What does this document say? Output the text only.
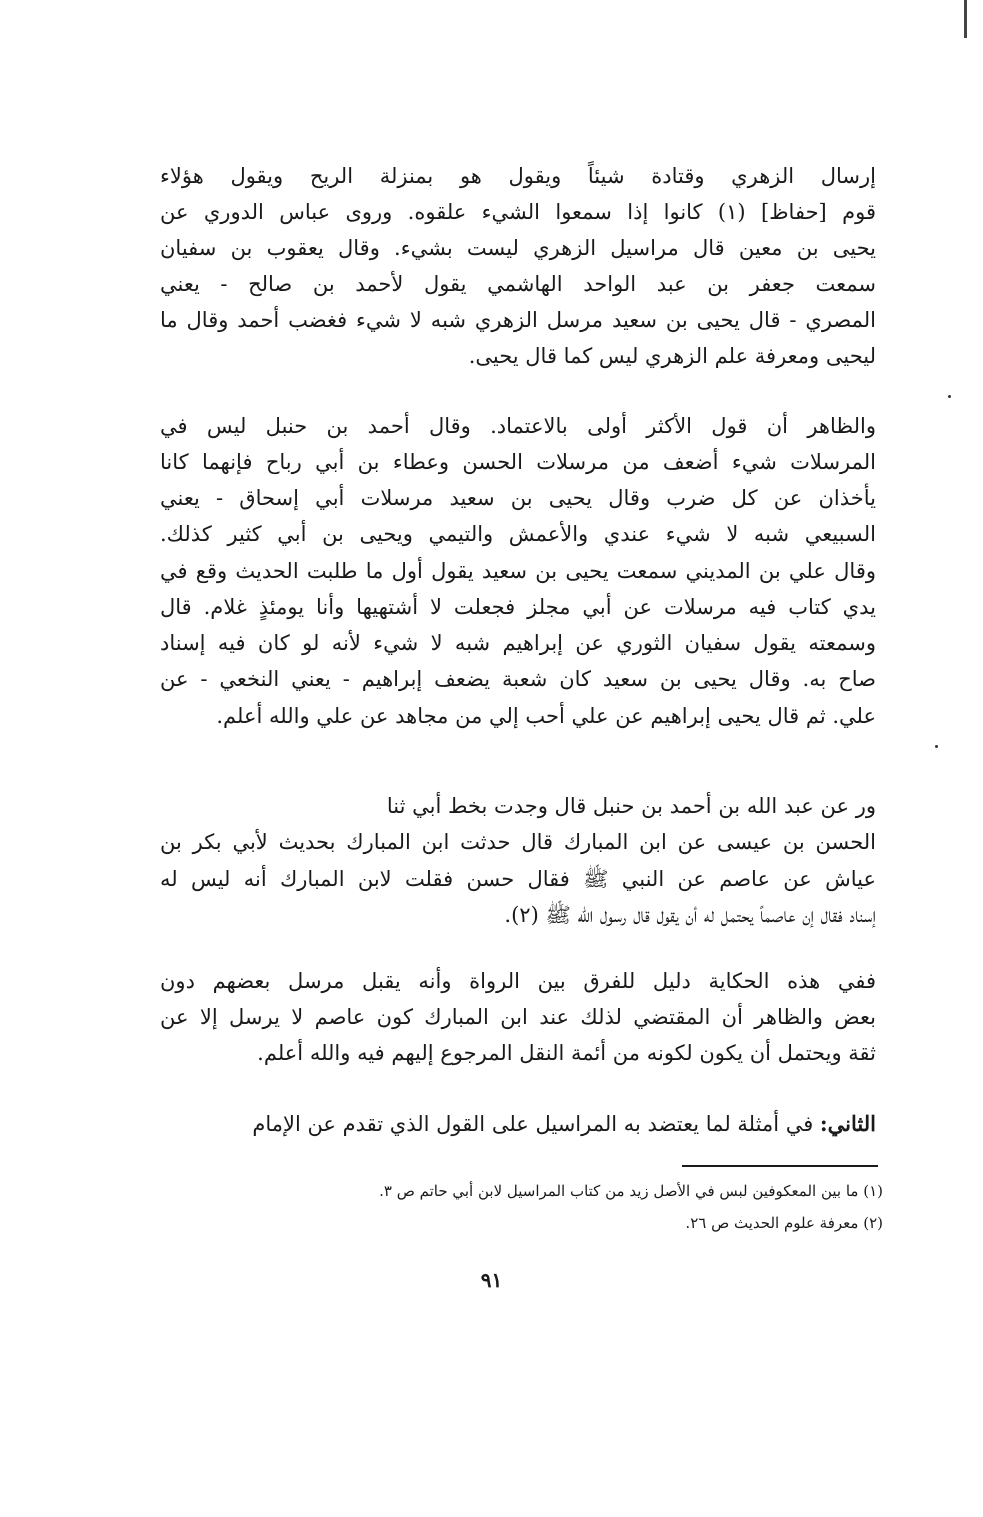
إرسال الزهري وقتادة شيئاً ويقول هو بمنزلة الريح ويقول هؤلاء
قوم [حفاظ] (١) كانوا إذا سمعوا الشيء علقوه. وروى عباس الدوري عن
يحيى بن معين قال مراسيل الزهري ليست بشيء. وقال يعقوب بن سفيان
سمعت جعفر بن عبد الواحد الهاشمي يقول لأحمد بن صالح - يعني
المصري - قال يحيى بن سعيد مرسل الزهري شبه لا شيء فغضب أحمد وقال ما
ليحيى ومعرفة علم الزهري ليس كما قال يحيى.
والظاهر أن قول الأكثر أولى بالاعتماد. وقال أحمد بن حنبل ليس في
المرسلات شيء أضعف من مرسلات الحسن وعطاء بن أبي رباح فإنهما كانا
يأخذان عن كل ضرب وقال يحيى بن سعيد مرسلات أبي إسحاق - يعني
السبيعي شبه لا شيء عندي والأعمش والتيمي ويحيى بن أبي كثير كذلك.
وقال علي بن المديني سمعت يحيى بن سعيد يقول أول ما طلبت الحديث وقع في
يدي كتاب فيه مرسلات عن أبي مجلز فجعلت لا أشتهيها وأنا يومئذٍ غلام. قال
وسمعته يقول سفيان الثوري عن إبراهيم شبه لا شيء لأنه لو كان فيه إسناد
صاح به. وقال يحيى بن سعيد كان شعبة يضعف إبراهيم - يعني النخعي - عن
علي. ثم قال يحيى إبراهيم عن علي أحب إلي من مجاهد عن علي والله أعلم.
ور عن عبد الله بن أحمد بن حنبل قال وجدت بخط أبي ثنا
الحسن بن عيسى عن ابن المبارك قال حدثت ابن المبارك بحديث لأبي بكر بن
عياش عن عاصم عن النبي ﷺ فقال حسن فقلت لابن المبارك أنه ليس له
إسناد فقال إن عاصماً يحتمل له أن يقول قال رسول الله ﷺ (٢).
ففي هذه الحكاية دليل للفرق بين الرواة وأنه يقبل مرسل بعضهم دون
بعض والظاهر أن المقتضي لذلك عند ابن المبارك كون عاصم لا يرسل إلا عن
ثقة ويحتمل أن يكون لكونه من أئمة النقل المرجوع إليهم فيه والله أعلم.
الثاني: في أمثلة لما يعتضد به المراسيل على القول الذي تقدم عن الإمام
(١) ما بين المعكوفين لبس في الأصل زيد من كتاب المراسيل لابن أبي حاتم ص ٣.
(٢) معرفة علوم الحديث ص ٢٦.
٩١
